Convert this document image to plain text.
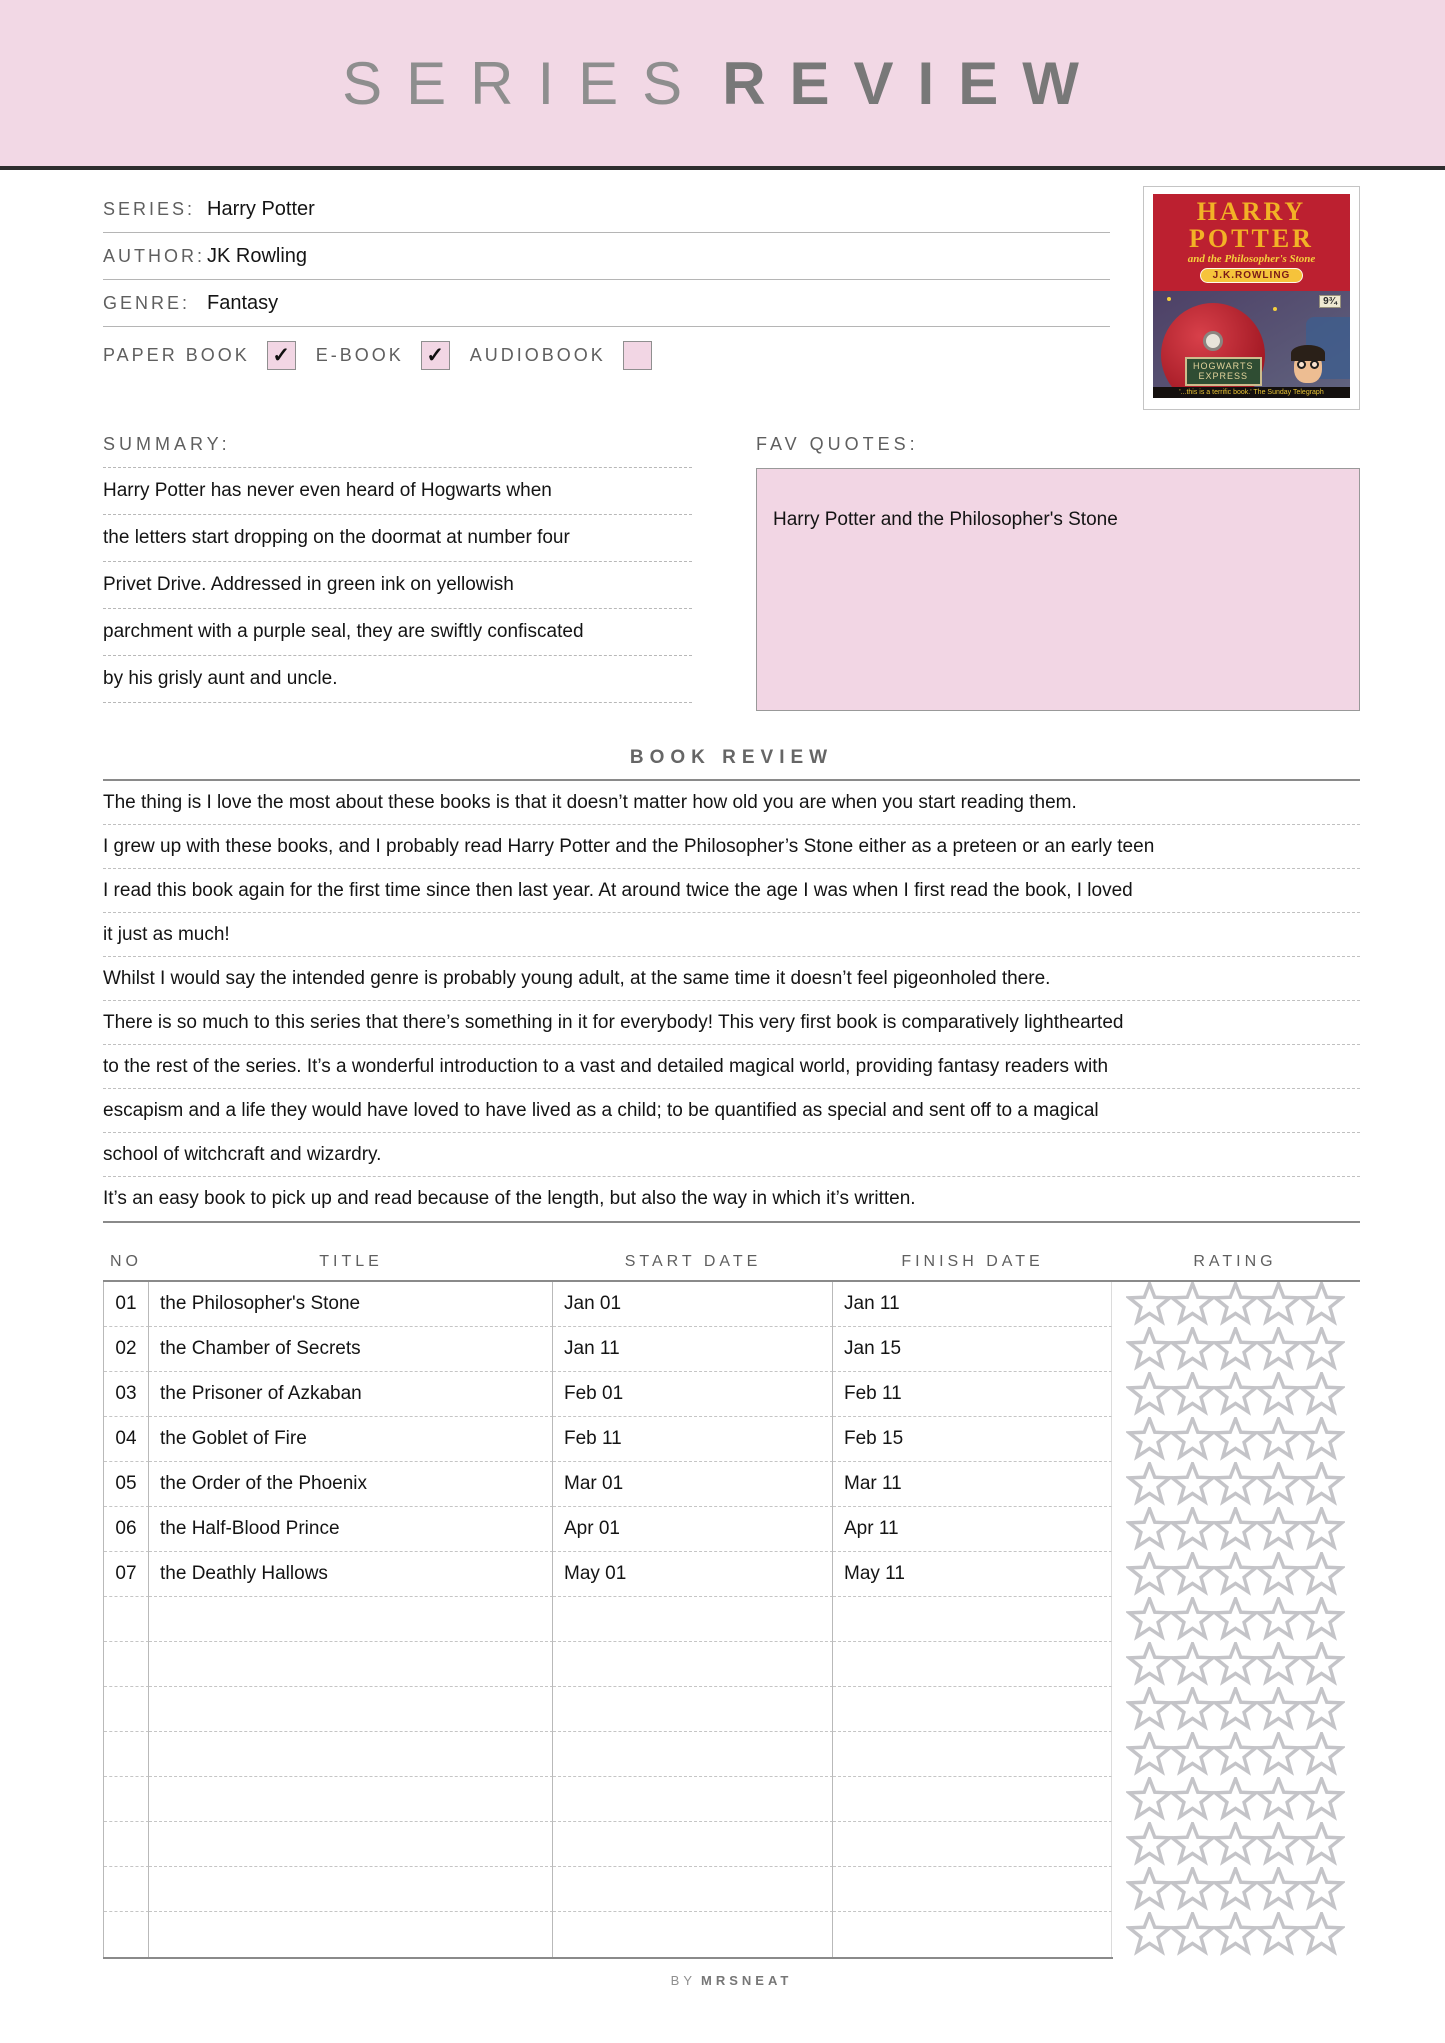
SERIES REVIEW
SERIES: Harry Potter
AUTHOR: JK Rowling
GENRE: Fantasy
PAPER BOOK ✓	E-BOOK ✓	AUDIOBOOK
HARRY
POTTER
and the Philosopher's Stone
J.K.ROWLING
9¾
HOGWARTS
EXPRESS
'...this is a terrific book.' The Sunday Telegraph
SUMMARY:
Harry Potter has never even heard of Hogwarts when
the letters start dropping on the doormat at number four
Privet Drive. Addressed in green ink on yellowish
parchment with a purple seal, they are swiftly confiscated
by his grisly aunt and uncle.
FAV QUOTES:
Harry Potter and the Philosopher's Stone
BOOK REVIEW
The thing is I love the most about these books is that it doesn’t matter how old you are when you start reading them.
I grew up with these books, and I probably read Harry Potter and the Philosopher’s Stone either as a preteen or an early teen
I read this book again for the first time since then last year. At around twice the age I was when I first read the book, I loved
it just as much!
Whilst I would say the intended genre is probably young adult, at the same time it doesn’t feel pigeonholed there.
There is so much to this series that there’s something in it for everybody! This very first book is comparatively lighthearted
to the rest of the series. It’s a wonderful introduction to a vast and detailed magical world, providing fantasy readers with
escapism and a life they would have loved to have lived as a child; to be quantified as special and sent off to a magical
school of witchcraft and wizardry.
It’s an easy book to pick up and read because of the length, but also the way in which it’s written.
NO	TITLE	START DATE	FINISH DATE	RATING
01	the Philosopher's Stone	Jan 01	Jan 11
02	the Chamber of Secrets	Jan 11	Jan 15
03	the Prisoner of Azkaban	Feb 01	Feb 11
04	the Goblet of Fire	Feb 11	Feb 15
05	the Order of the Phoenix	Mar 01	Mar 11
06	the Half-Blood Prince	Apr 01	Apr 11
07	the Deathly Hallows	May 01	May 11
BY MRSNEAT
